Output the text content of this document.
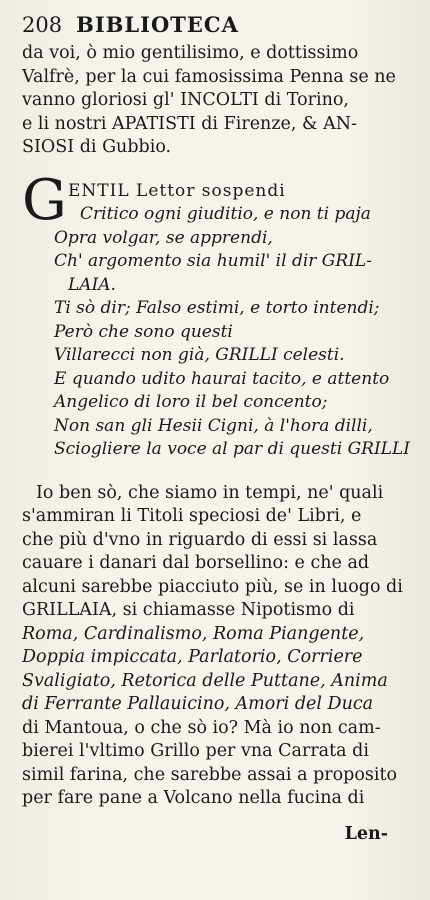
208 BIBLIOTECA
da voi, ò mio gentilisimo, e dottissimo
Valfrè, per la cui famosissima Penna se ne
vanno gloriosi gl' INCOLTI di Torino,
e li nostri APATISTI di Firenze, & AN-
SIOSI di Gubbio.
G ENTIL Lettor sospendi
Critico ogni giuditio, e non ti paja
Opra volgar, se apprendi,
Ch' argomento sia humil' il dir GRIL-
LAIA.
Ti sò dir; Falso estimi, e torto intendi;
Però che sono questi
Villarecci non già, GRILLI celesti.
E quando udito haurai tacito, e attento
Angelico di loro il bel concento;
Non san gli Hesii Cigni, à l'hora dilli,
Sciogliere la voce al par di questi GRILLI
Io ben sò, che siamo in tempi, ne' quali
s'ammiran li Titoli speciosi de' Libri, e
che più d'vno in riguardo di essi si lassa
cauare i danari dal borsellino: e che ad
alcuni sarebbe piacciuto più, se in luogo di
GRILLAIA, si chiamasse Nipotismo di
Roma, Cardinalismo, Roma Piangente,
Doppia impiccata, Parlatorio, Corriere
Svaligiato, Retorica delle Puttane, Anima
di Ferrante Pallauicino, Amori del Duca
di Mantoua, o che sò io? Mà io non cam-
bierei l'vltimo Grillo per vna Carrata di
simil farina, che sarebbe assai a proposito
per fare pane a Volcano nella fucina di
Len-
